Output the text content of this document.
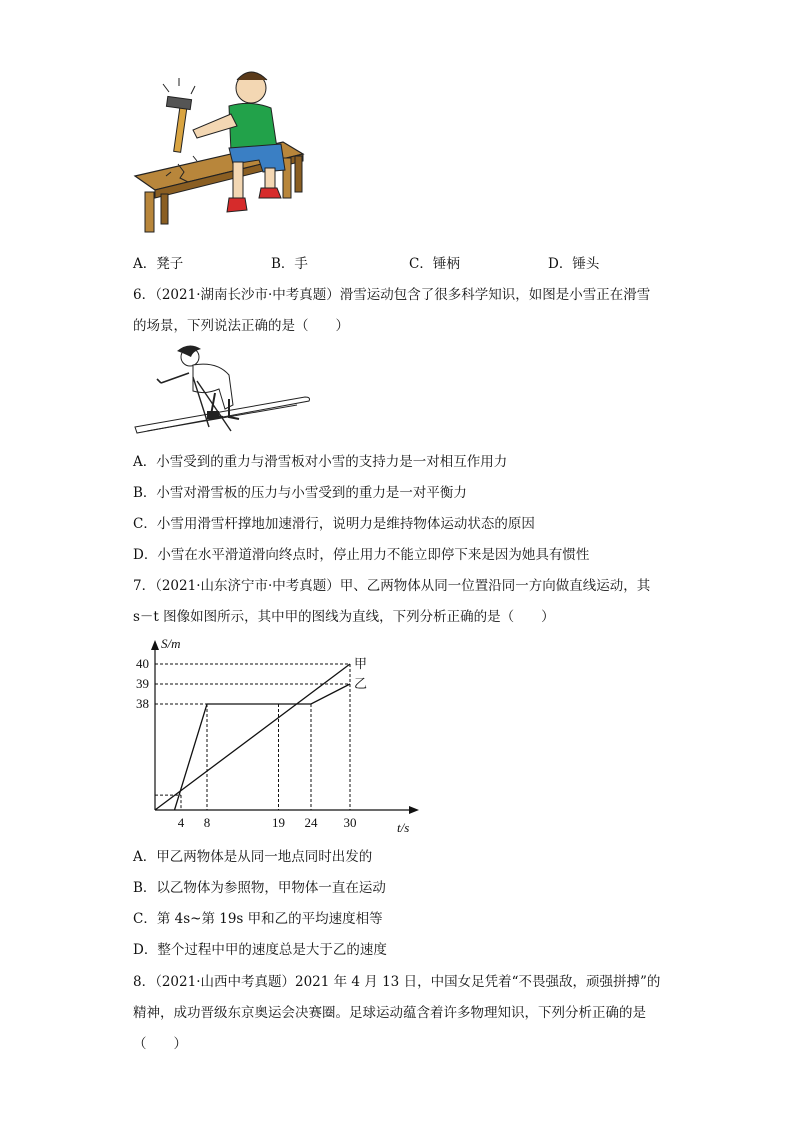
A．凳子	B．手	C．锤柄	D．锤头
6．（2021·湖南长沙市·中考真题）滑雪运动包含了很多科学知识，如图是小雪正在滑雪
的场景，下列说法正确的是（　　）
A．小雪受到的重力与滑雪板对小雪的支持力是一对相互作用力
B．小雪对滑雪板的压力与小雪受到的重力是一对平衡力
C．小雪用滑雪杆撑地加速滑行，说明力是维持物体运动状态的原因
D．小雪在水平滑道滑向终点时，停止用力不能立即停下来是因为她具有惯性
7．（2021·山东济宁市·中考真题）甲、乙两物体从同一位置沿同一方向做直线运动，其
s－t 图像如图所示，其中甲的图线为直线，下列分析正确的是（　　）
甲
乙
40
39
38
4 8	19 24 30
S/m
t/s
A．甲乙两物体是从同一地点同时出发的
B．以乙物体为参照物，甲物体一直在运动
C．第 4s~第 19s 甲和乙的平均速度相等
D．整个过程中甲的速度总是大于乙的速度
8．（2021·山西中考真题）2021 年 4 月 13 日，中国女足凭着“不畏强敌，顽强拼搏”的
精神，成功晋级东京奥运会决赛圈。足球运动蕴含着许多物理知识，下列分析正确的是
（　　）
